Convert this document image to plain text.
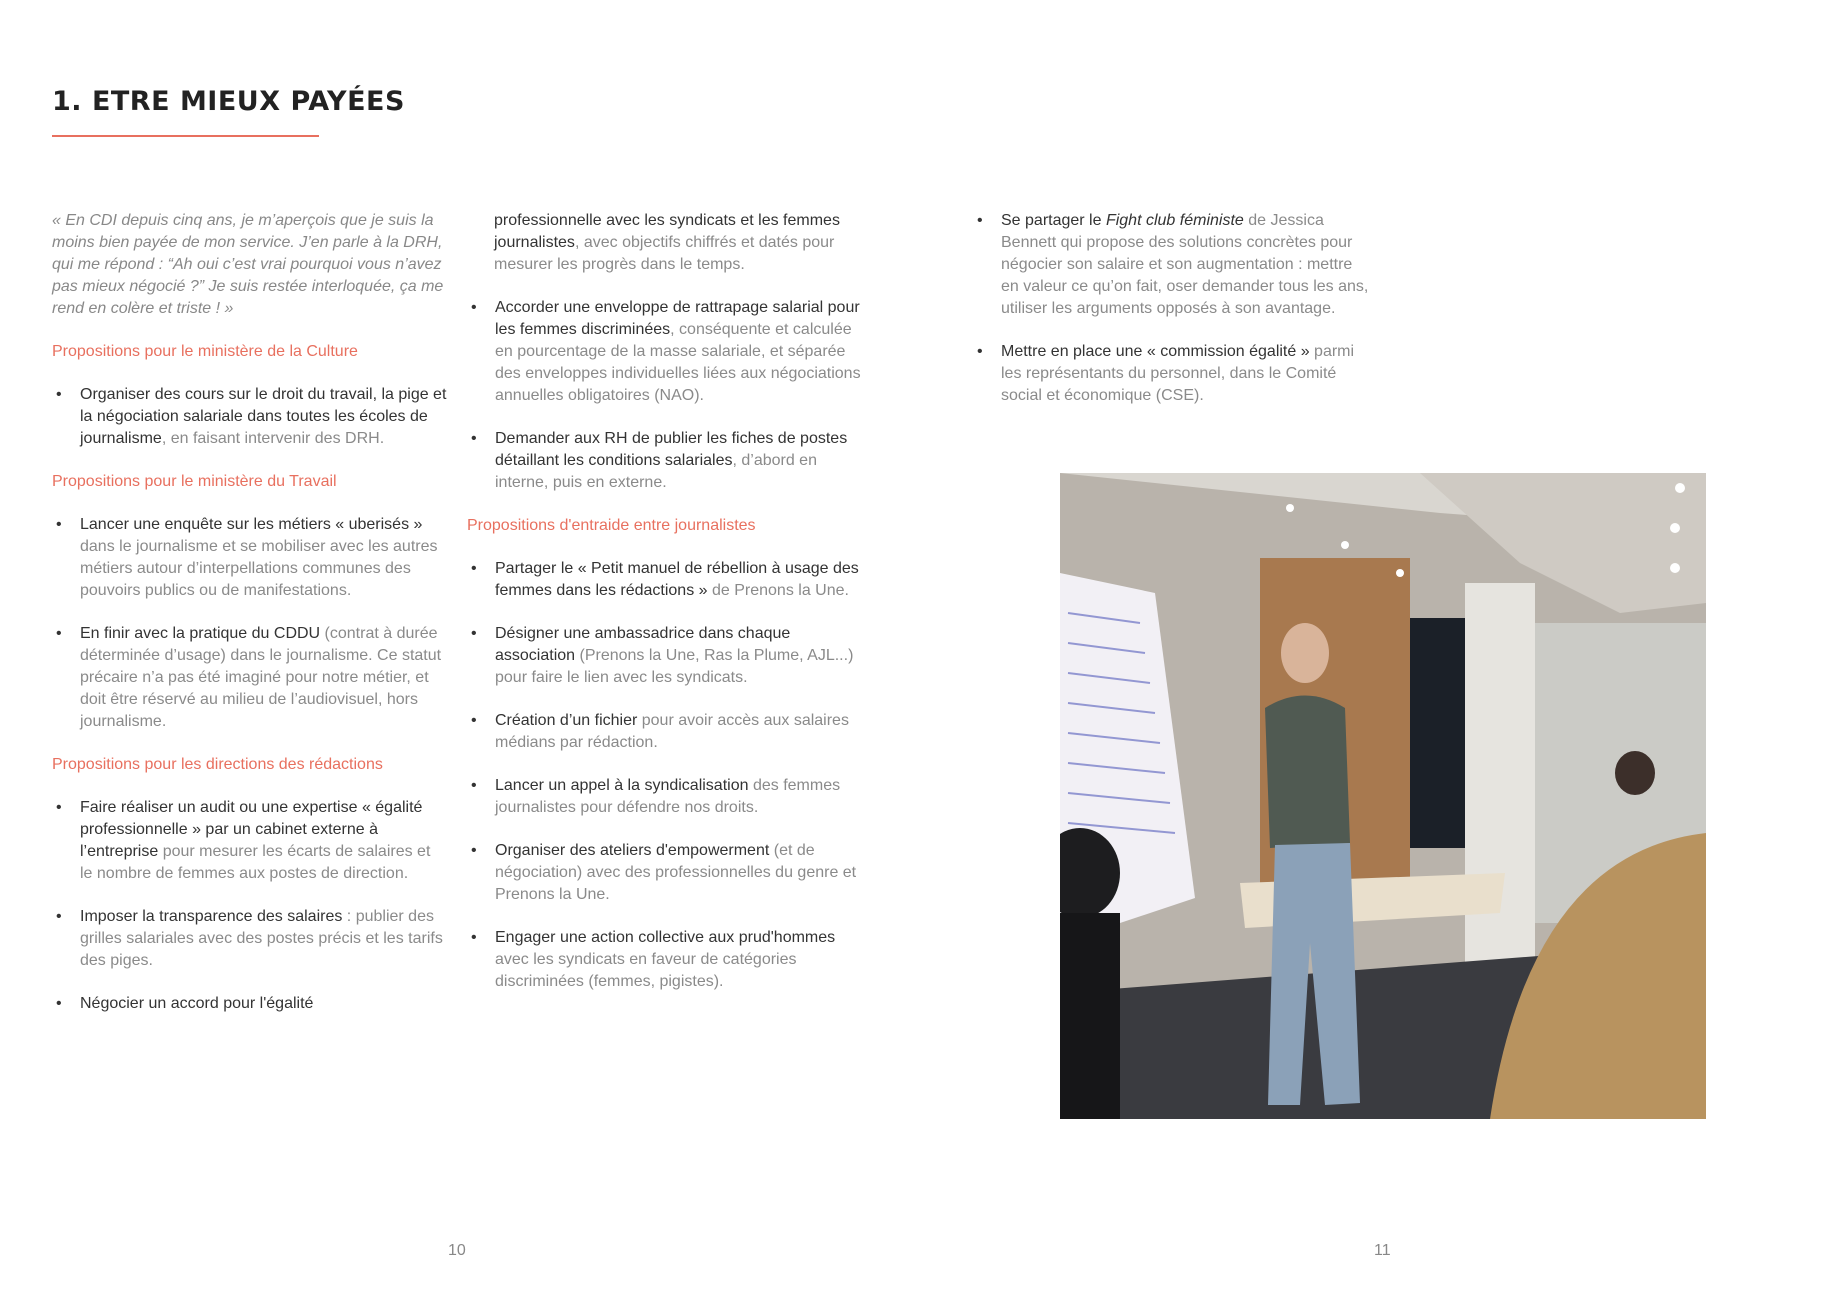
1. ETRE MIEUX PAYÉES

« En CDI depuis cinq ans, je m’aperçois que je suis la moins bien payée de mon service. J’en parle à la DRH, qui me répond : “Ah oui c’est vrai pourquoi vous n’avez pas mieux négocié ?” Je suis restée interloquée, ça me rend en colère et triste ! »

Propositions pour le ministère de la Culture

• Organiser des cours sur le droit du travail, la pige et la négociation salariale dans toutes les écoles de journalisme, en faisant intervenir des DRH.

Propositions pour le ministère du Travail

• Lancer une enquête sur les métiers « uberisés » dans le journalisme et se mobiliser avec les autres métiers autour d’interpellations communes des pouvoirs publics ou de manifestations.
• En finir avec la pratique du CDDU (contrat à durée déterminée d’usage) dans le journalisme. Ce statut précaire n’a pas été imaginé pour notre métier, et doit être réservé au milieu de l’audiovisuel, hors journalisme.

Propositions pour les directions des rédactions

• Faire réaliser un audit ou une expertise « égalité professionnelle » par un cabinet externe à l’entreprise pour mesurer les écarts de salaires et le nombre de femmes aux postes de direction.
• Imposer la transparence des salaires : publier des grilles salariales avec des postes précis et les tarifs des piges.
• Négocier un accord pour l'égalité

professionnelle avec les syndicats et les femmes journalistes, avec objectifs chiffrés et datés pour mesurer les progrès dans le temps.

• Accorder une enveloppe de rattrapage salarial pour les femmes discriminées, conséquente et calculée en pourcentage de la masse salariale, et séparée des enveloppes individuelles liées aux négociations annuelles obligatoires (NAO).
• Demander aux RH de publier les fiches de postes détaillant les conditions salariales, d’abord en interne, puis en externe.

Propositions d'entraide entre journalistes

• Partager le « Petit manuel de rébellion à usage des femmes dans les rédactions » de Prenons la Une.
• Désigner une ambassadrice dans chaque association (Prenons la Une, Ras la Plume, AJL...) pour faire le lien avec les syndicats.
• Création d’un fichier pour avoir accès aux salaires médians par rédaction.
• Lancer un appel à la syndicalisation des femmes journalistes pour défendre nos droits.
• Organiser des ateliers d'empowerment (et de négociation) avec des professionnelles du genre et Prenons la Une.
• Engager une action collective aux prud'hommes avec les syndicats en faveur de catégories discriminées (femmes, pigistes).
• Se partager le Fight club féministe de Jessica Bennett qui propose des solutions concrètes pour négocier son salaire et son augmentation : mettre en valeur ce qu’on fait, oser demander tous les ans, utiliser les arguments opposés à son avantage.
• Mettre en place une « commission égalité » parmi les représentants du personnel, dans le Comité social et économique (CSE).
10	11
